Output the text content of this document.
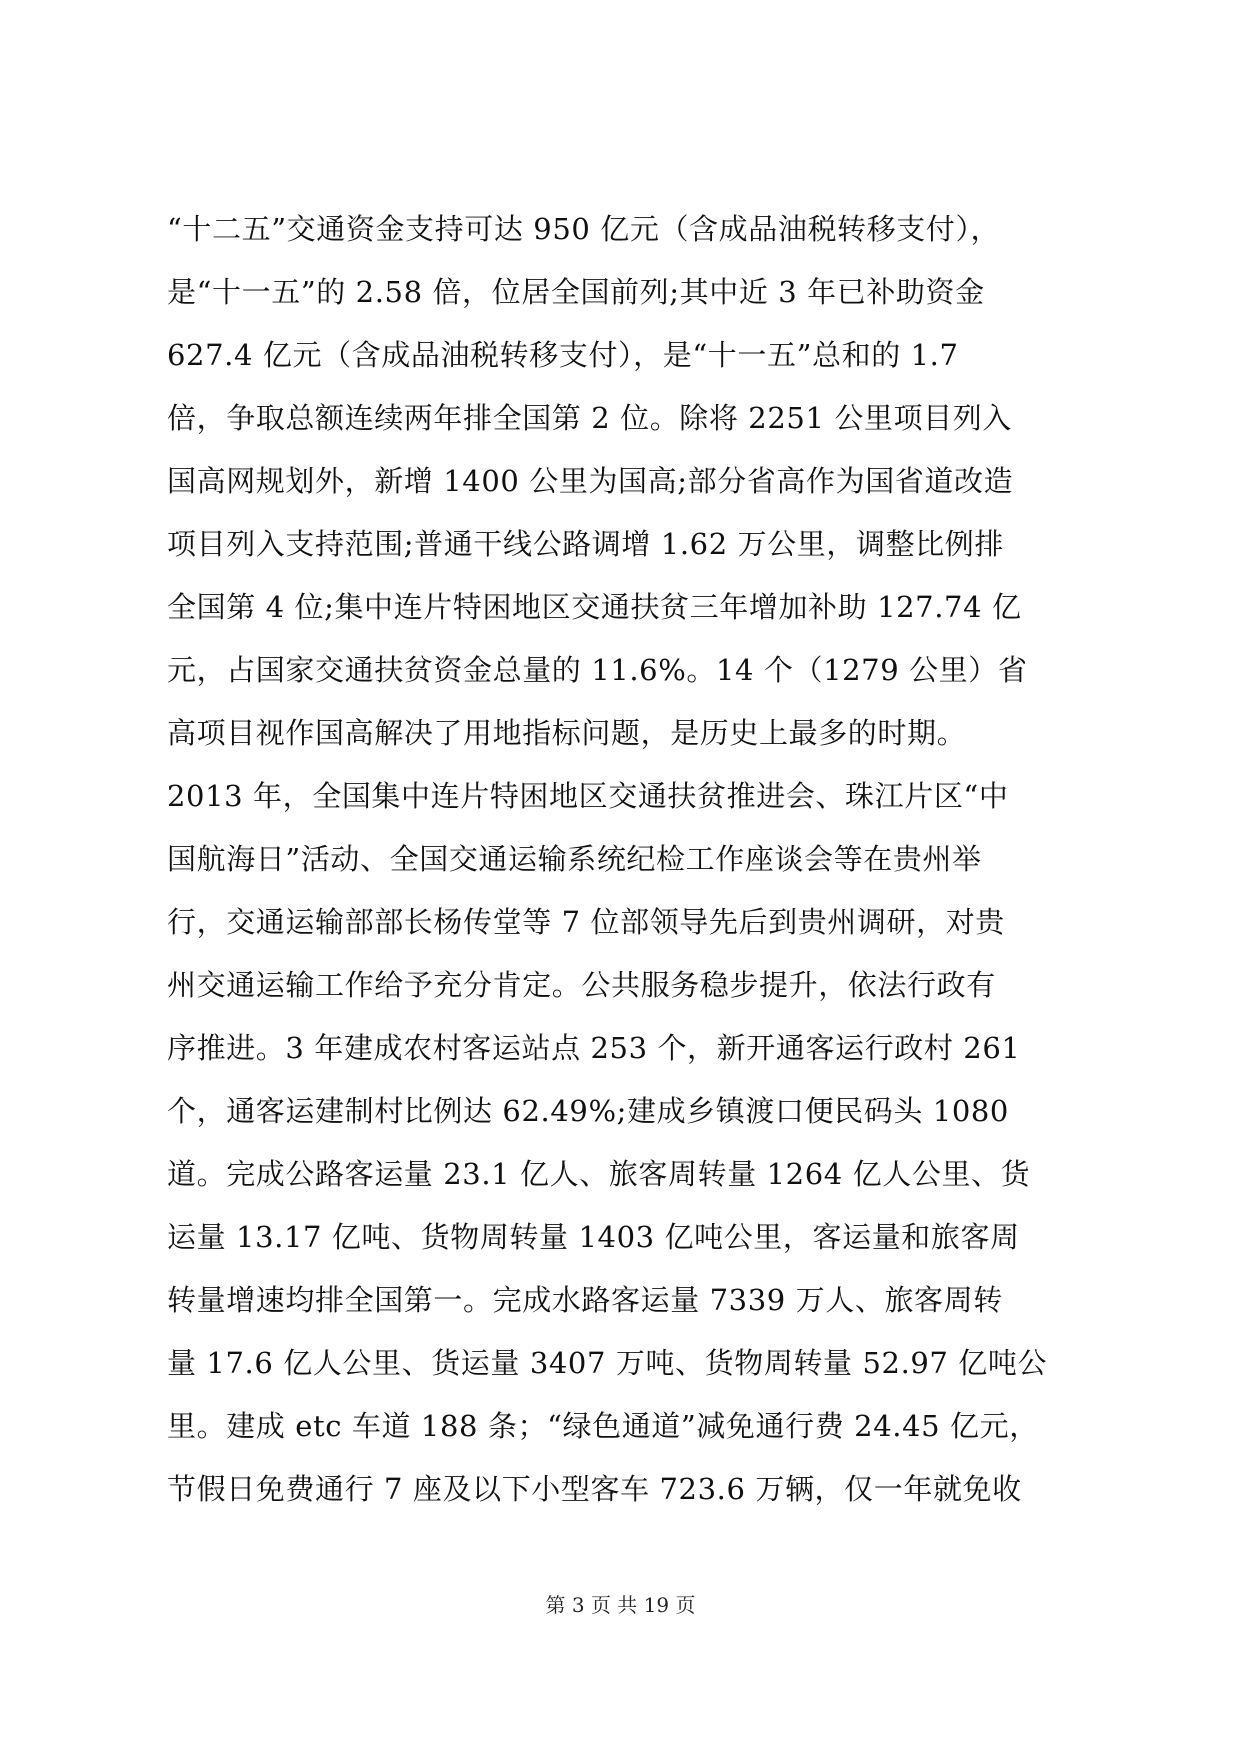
“十二五”交通资金支持可达 950 亿元（含成品油税转移支付），
是“十一五”的 2.58 倍，位居全国前列;其中近 3 年已补助资金
627.4 亿元（含成品油税转移支付），是“十一五”总和的 1.7
倍，争取总额连续两年排全国第 2 位。除将 2251 公里项目列入
国高网规划外，新增 1400 公里为国高;部分省高作为国省道改造
项目列入支持范围;普通干线公路调增 1.62 万公里，调整比例排
全国第 4 位;集中连片特困地区交通扶贫三年增加补助 127.74 亿
元，占国家交通扶贫资金总量的 11.6%。14 个（1279 公里）省
高项目视作国高解决了用地指标问题，是历史上最多的时期。
2013 年，全国集中连片特困地区交通扶贫推进会、珠江片区“中
国航海日”活动、全国交通运输系统纪检工作座谈会等在贵州举
行，交通运输部部长杨传堂等 7 位部领导先后到贵州调研，对贵
州交通运输工作给予充分肯定。公共服务稳步提升，依法行政有
序推进。3 年建成农村客运站点 253 个，新开通客运行政村 261
个，通客运建制村比例达 62.49%;建成乡镇渡口便民码头 1080
道。完成公路客运量 23.1 亿人、旅客周转量 1264 亿人公里、货
运量 13.17 亿吨、货物周转量 1403 亿吨公里，客运量和旅客周
转量增速均排全国第一。完成水路客运量 7339 万人、旅客周转
量 17.6 亿人公里、货运量 3407 万吨、货物周转量 52.97 亿吨公
里。建成 etc 车道 188 条；“绿色通道”减免通行费 24.45 亿元，
节假日免费通行 7 座及以下小型客车 723.6 万辆，仅一年就免收
第 3 页 共 19 页
